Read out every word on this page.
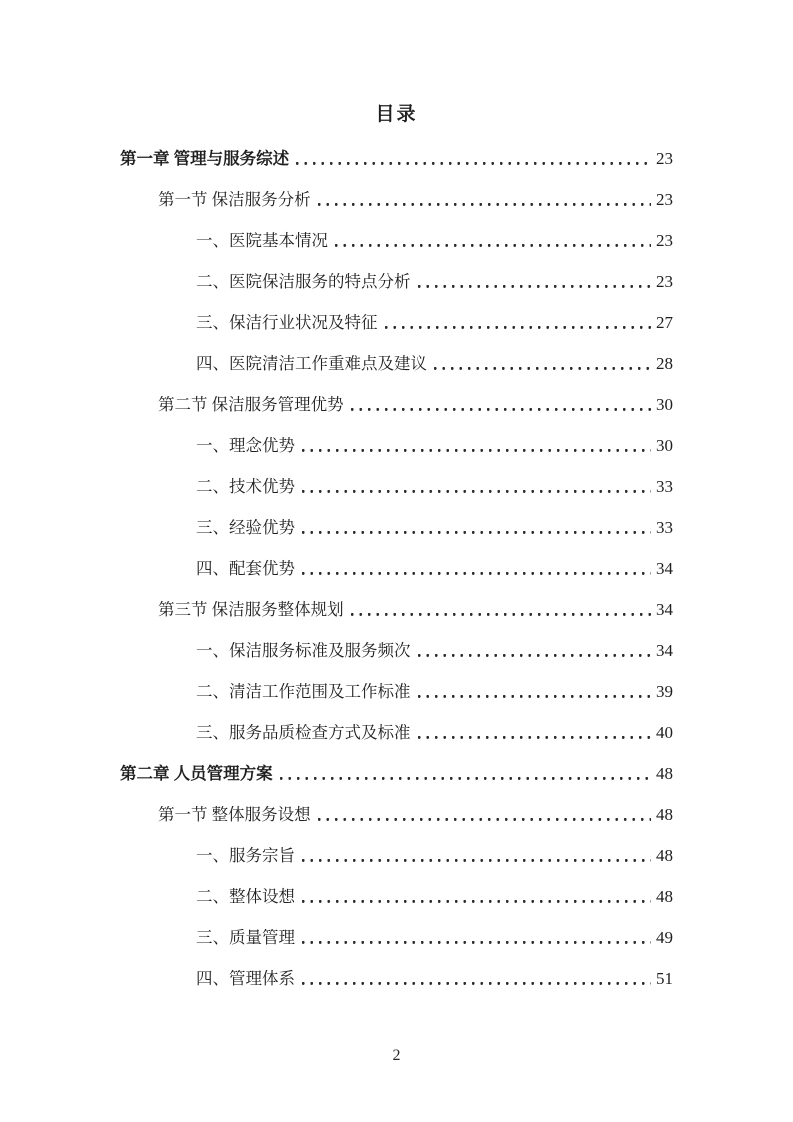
目录
第一章 管理与服务综述	23
第一节 保洁服务分析	23
一、医院基本情况	23
二、医院保洁服务的特点分析	23
三、保洁行业状况及特征	27
四、医院清洁工作重难点及建议	28
第二节 保洁服务管理优势	30
一、理念优势	30
二、技术优势	33
三、经验优势	33
四、配套优势	34
第三节 保洁服务整体规划	34
一、保洁服务标准及服务频次	34
二、清洁工作范围及工作标准	39
三、服务品质检查方式及标准	40
第二章 人员管理方案	48
第一节 整体服务设想	48
一、服务宗旨	48
二、整体设想	48
三、质量管理	49
四、管理体系	51
2
